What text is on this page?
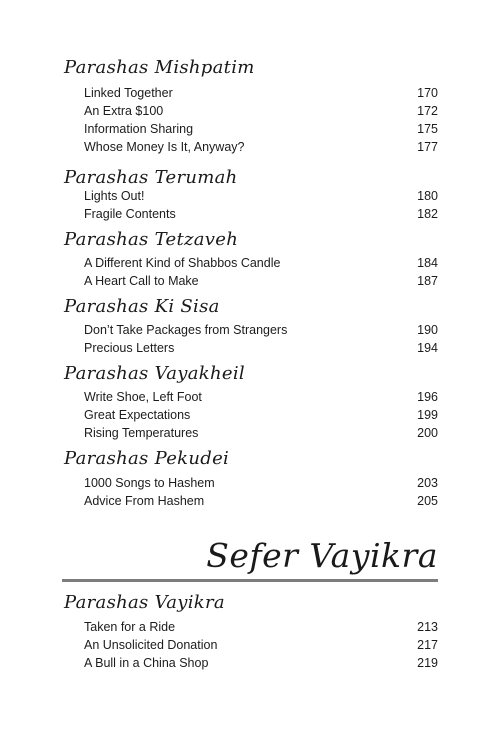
Parashas Mishpatim
Linked Together	170
An Extra $100	172
Information Sharing	175
Whose Money Is It, Anyway?	177
Parashas Terumah
Lights Out!	180
Fragile Contents	182
Parashas Tetzaveh
A Different Kind of Shabbos Candle	184
A Heart Call to Make	187
Parashas Ki Sisa
Don’t Take Packages from Strangers	190
Precious Letters	194
Parashas Vayakheil
Write Shoe, Left Foot	196
Great Expectations	199
Rising Temperatures	200
Parashas Pekudei
1000 Songs to Hashem	203
Advice From Hashem	205
Sefer Vayikra
Parashas Vayikra
Taken for a Ride	213
An Unsolicited Donation	217
A Bull in a China Shop	219
